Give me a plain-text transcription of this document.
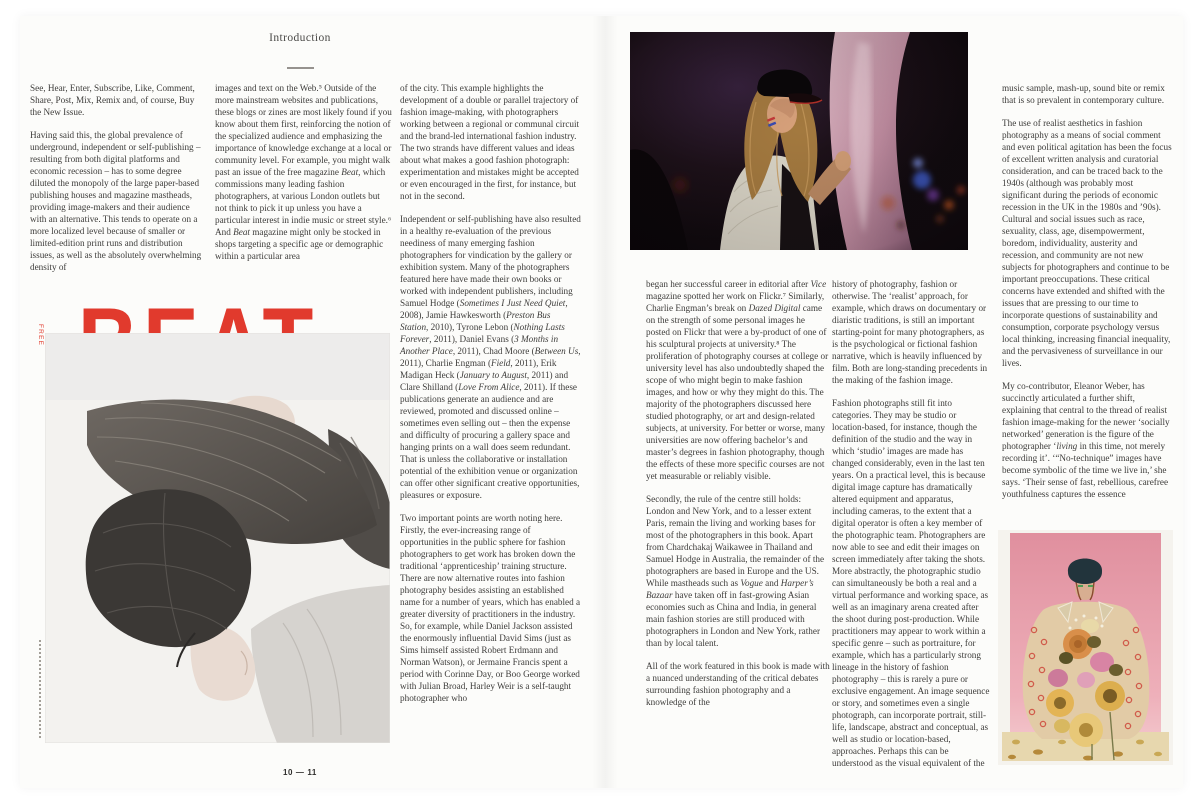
Introduction

See, Hear, Enter, Subscribe, Like, Comment, Share, Post, Mix, Remix and, of course, Buy the New Issue.

Having said this, the global prevalence of underground, independent or self-publishing – resulting from both digital platforms and economic recession – has to some degree diluted the monopoly of the large paper-based publishing houses and magazine mastheads, providing image-makers and their audience with an alternative. This tends to operate on a more localized level because of smaller or limited-edition print runs and distribution issues, as well as the absolutely overwhelming density of

images and text on the Web.⁵ Outside of the more mainstream websites and publications, these blogs or zines are most likely found if you know about them first, reinforcing the notion of the specialized audience and emphasizing the importance of knowledge exchange at a local or community level. For example, you might walk past an issue of the free magazine Beat, which commissions many leading fashion photographers, at various London outlets but not think to pick it up unless you have a particular interest in indie music or street style.⁶ And Beat magazine might only be stocked in shops targeting a specific age or demographic within a particular area

of the city. This example highlights the development of a double or parallel trajectory of fashion image-making, with photographers working between a regional or communal circuit and the brand-led international fashion industry. The two strands have different values and ideas about what makes a good fashion photograph: experimentation and mistakes might be accepted or even encouraged in the first, for instance, but not in the second.

Independent or self-publishing have also resulted in a healthy re-evaluation of the previous neediness of many emerging fashion photographers for vindication by the gallery or exhibition system. Many of the photographers featured here have made their own books or worked with independent publishers, including Samuel Hodge (Sometimes I Just Need Quiet, 2008), Jamie Hawkesworth (Preston Bus Station, 2010), Tyrone Lebon (Nothing Lasts Forever, 2011), Daniel Evans (3 Months in Another Place, 2011), Chad Moore (Between Us, 2011), Charlie Engman (Field, 2011), Erik Madigan Heck (January to August, 2011) and Clare Shilland (Love From Alice, 2011). If these publications generate an audience and are reviewed, promoted and discussed online – sometimes even selling out – then the expense and difficulty of procuring a gallery space and hanging prints on a wall does seem redundant. That is unless the collaborative or installation potential of the exhibition venue or organization can offer other significant creative opportunities, pleasures or exposure.

Two important points are worth noting here. Firstly, the ever-increasing range of opportunities in the public sphere for fashion photographers to get work has broken down the traditional ‘apprenticeship’ training structure. There are now alternative routes into fashion photography besides assisting an established name for a number of years, which has enabled a greater diversity of practitioners in the industry. So, for example, while Daniel Jackson assisted the enormously influential David Sims (just as Sims himself assisted Robert Erdmann and Norman Watson), or Jermaine Francis spent a period with Corinne Day, or Boo George worked with Julian Broad, Harley Weir is a self-taught photographer who

began her successful career in editorial after Vice magazine spotted her work on Flickr.⁷ Similarly, Charlie Engman’s break on Dazed Digital came on the strength of some personal images he posted on Flickr that were a by-product of one of his sculptural projects at university.⁸ The proliferation of photography courses at college or university level has also undoubtedly shaped the scope of who might begin to make fashion images, and how or why they might do this. The majority of the photographers discussed here studied photography, or art and design-related subjects, at university. For better or worse, many universities are now offering bachelor’s and master’s degrees in fashion photography, though the effects of these more specific courses are not yet measurable or reliably visible.

Secondly, the rule of the centre still holds: London and New York, and to a lesser extent Paris, remain the living and working bases for most of the photographers in this book. Apart from Chardchakaj Waikawee in Thailand and Samuel Hodge in Australia, the remainder of the photographers are based in Europe and the US. While mastheads such as Vogue and Harper’s Bazaar have taken off in fast-growing Asian economies such as China and India, in general main fashion stories are still produced with photographers in London and New York, rather than by local talent.

All of the work featured in this book is made with a nuanced understanding of the critical debates surrounding fashion photography and a knowledge of the

history of photography, fashion or otherwise. The ‘realist’ approach, for example, which draws on documentary or diaristic traditions, is still an important starting-point for many photographers, as is the psychological or fictional fashion narrative, which is heavily influenced by film. Both are long-standing precedents in the making of the fashion image.

Fashion photographs still fit into categories. They may be studio or location-based, for instance, though the definition of the studio and the way in which ‘studio’ images are made has changed considerably, even in the last ten years. On a practical level, this is because digital image capture has dramatically altered equipment and apparatus, including cameras, to the extent that a digital operator is often a key member of the photographic team. Photographers are now able to see and edit their images on screen immediately after taking the shots. More abstractly, the photographic studio can simultaneously be both a real and a virtual performance and working space, as well as an imaginary arena created after the shoot during post-production. While practitioners may appear to work within a specific genre – such as portraiture, for example, which has a particularly strong lineage in the history of fashion photography – this is rarely a pure or exclusive engagement. An image sequence or story, and sometimes even a single photograph, can incorporate portrait, still-life, landscape, abstract and conceptual, as well as studio or location-based, approaches. Perhaps this can be understood as the visual equivalent of the

music sample, mash-up, sound bite or remix that is so prevalent in contemporary culture.

The use of realist aesthetics in fashion photography as a means of social comment and even political agitation has been the focus of excellent written analysis and curatorial consideration, and can be traced back to the 1940s (although was probably most significant during the periods of economic recession in the UK in the 1980s and ’90s). Cultural and social issues such as race, sexuality, class, age, disempowerment, boredom, individuality, austerity and recession, and community are not new subjects for photographers and continue to be important preoccupations. These critical concerns have extended and shifted with the issues that are pressing to our time to incorporate questions of sustainability and consumption, corporate psychology versus local thinking, increasing financial inequality, and the pervasiveness of surveillance in our lives.

My co-contributor, Eleanor Weber, has succinctly articulated a further shift, explaining that central to the thread of realist fashion image-making for the newer ‘socially networked’ generation is the figure of the photographer ‘living in this time, not merely recording it’. ‘“No-technique” images have become symbolic of the time we live in,’ she says. ‘Their sense of fast, rebellious, carefree youthfulness captures the essence

FREE
10 — 11
